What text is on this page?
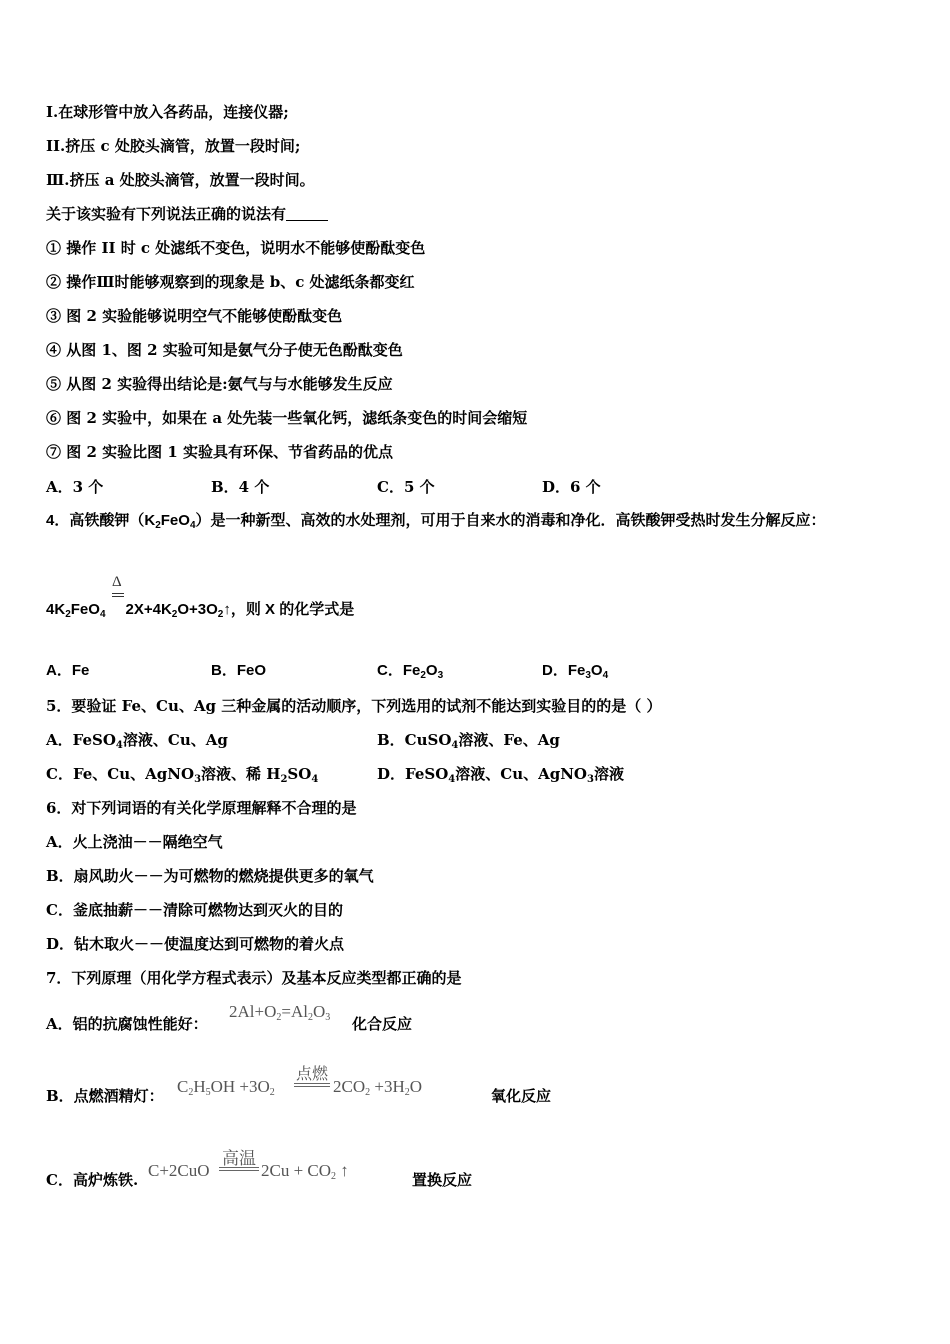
I.在球形管中放入各药品，连接仪器;
II.挤压 c 处胶头滴管，放置一段时间;
Ⅲ.挤压 a 处胶头滴管，放置一段时间。
关于该实验有下列说法正确的说法有
① 操作 II 时 c 处滤纸不变色，说明水不能够使酚酞变色
② 操作Ⅲ时能够观察到的现象是 b、c 处滤纸条都变红
③ 图 2 实验能够说明空气不能够使酚酞变色
④ 从图 1、图 2 实验可知是氨气分子使无色酚酞变色
⑤ 从图 2 实验得出结论是:氨气与与水能够发生反应
⑥ 图 2 实验中，如果在 a 处先装一些氧化钙，滤纸条变色的时间会缩短
⑦ 图 2 实验比图 1 实验具有环保、节省药品的优点
A．3 个	B．4 个	C．5 个	D．6 个
4．高铁酸钾$(K_2FeO_4)$是一种新型、高效的水处理剂，可用于自来水的消毒和净化．高铁酸钾受热时发生分解反应：
Δ
$4K_2FeO_4$ $2X+4K_2O+3O_2↑$，则 X 的化学式是
A．Fe	B．FeO	C．$Fe_2O_3$	D．$Fe_3O_4$
5．要验证 Fe、Cu、Ag 三种金属的活动顺序，下列选用的试剂不能达到实验目的的是（ ）
A．FeSO$_4$溶液、Cu、Ag	B．CuSO$_4$溶液、Fe、Ag
C．Fe、Cu、AgNO$_3$溶液、稀 $H_2SO_4$	D．FeSO$_4$溶液、Cu、AgNO$_3$溶液
6．对下列词语的有关化学原理解释不合理的是
A．火上浇油－－隔绝空气
B．扇风助火－－为可燃物的燃烧提供更多的氧气
C．釜底抽薪－－清除可燃物达到灭火的目的
D．钻木取火－－使温度达到可燃物的着火点
7．下列原理（用化学方程式表示）及基本反应类型都正确的是
A．铝的抗腐蚀性能好：
$2Al+O_2=Al_2O_3$ 化合反应
B．点燃酒精灯： $C_2H_5OH +3O_2$
点燃
$2CO_2 +3H_2O$	氧化反应
C．高炉炼铁. C+2CuO
高温
$2Cu + CO_2$ ↑	置换反应
